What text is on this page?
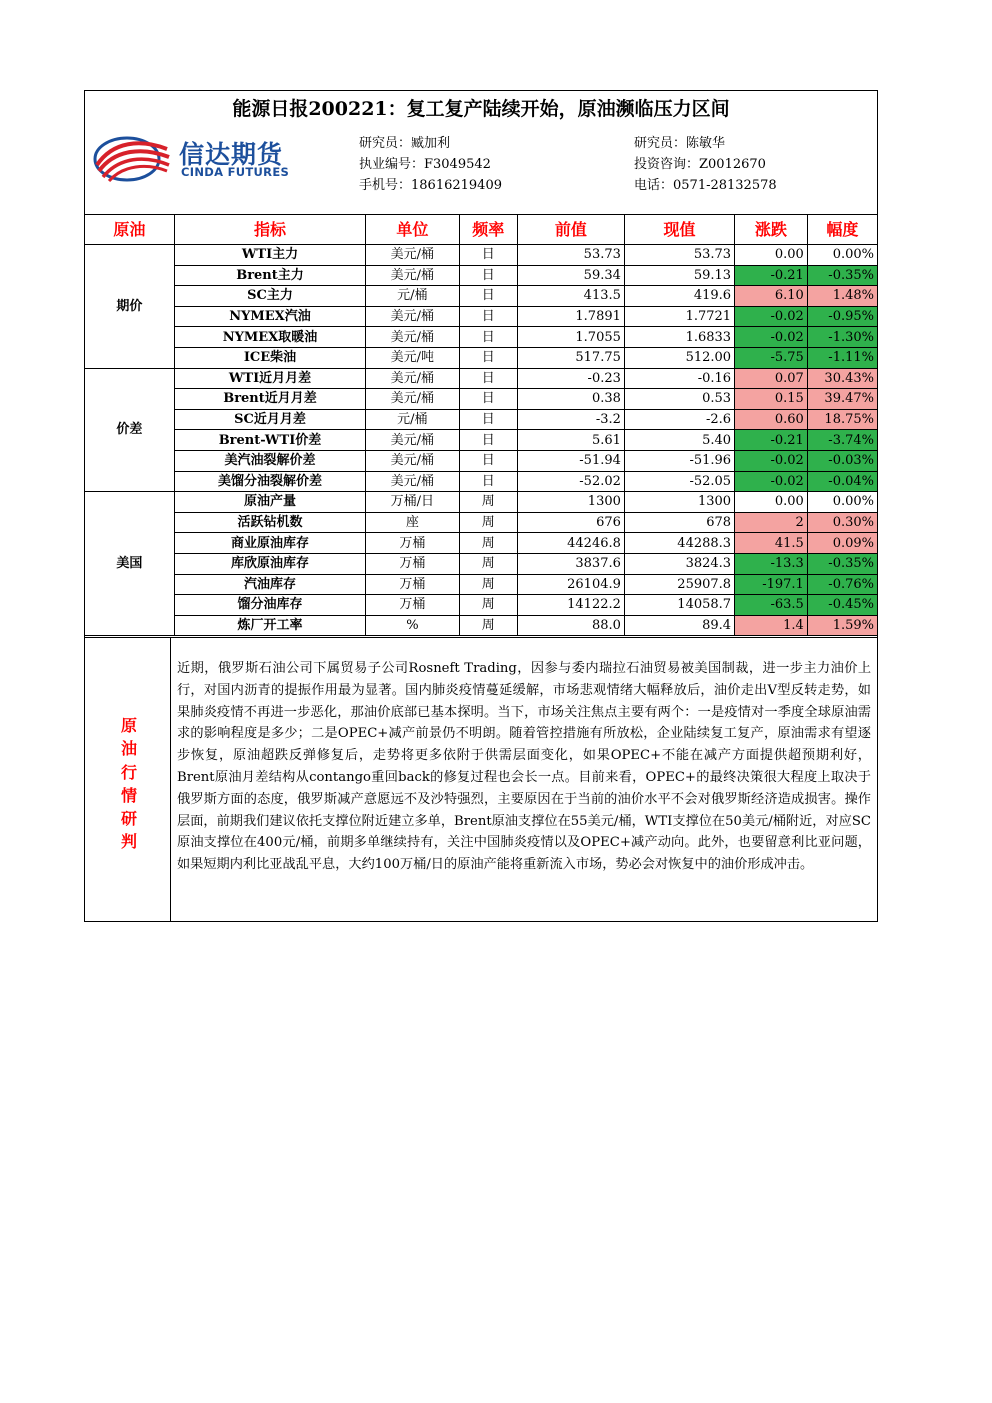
能源日报200221：复工复产陆续开始，原油濒临压力区间
信达期货
CINDA FUTURES
研究员：臧加利
执业编号：F3049542
手机号：18616219409
研究员：陈敏华
投资咨询：Z0012670
电话：0571-28132578
原油	指标	单位	频率	前值	现值	涨跌	幅度
期价	WTI主力	美元/桶	日	53.73	53.73	0.00	0.00%
	Brent主力	美元/桶	日	59.34	59.13	-0.21	-0.35%
	SC主力	元/桶	日	413.5	419.6	6.10	1.48%
	NYMEX汽油	美元/桶	日	1.7891	1.7721	-0.02	-0.95%
	NYMEX取暖油	美元/桶	日	1.7055	1.6833	-0.02	-1.30%
	ICE柴油	美元/吨	日	517.75	512.00	-5.75	-1.11%
价差	WTI近月月差	美元/桶	日	-0.23	-0.16	0.07	30.43%
	Brent近月月差	美元/桶	日	0.38	0.53	0.15	39.47%
	SC近月月差	元/桶	日	-3.2	-2.6	0.60	18.75%
	Brent-WTI价差	美元/桶	日	5.61	5.40	-0.21	-3.74%
	美汽油裂解价差	美元/桶	日	-51.94	-51.96	-0.02	-0.03%
	美馏分油裂解价差	美元/桶	日	-52.02	-52.05	-0.02	-0.04%
美国	原油产量	万桶/日	周	1300	1300	0.00	0.00%
	活跃钻机数	座	周	676	678	2	0.30%
	商业原油库存	万桶	周	44246.8	44288.3	41.5	0.09%
	库欣原油库存	万桶	周	3837.6	3824.3	-13.3	-0.35%
	汽油库存	万桶	周	26104.9	25907.8	-197.1	-0.76%
	馏分油库存	万桶	周	14122.2	14058.7	-63.5	-0.45%
	炼厂开工率	%	周	88.0	89.4	1.4	1.59%
原油行情研判
近期，俄罗斯石油公司下属贸易子公司Rosneft Trading，因参与委内瑞拉石油贸易被美国制裁，进一步主力油价上行，对国内沥青的提振作用最为显著。国内肺炎疫情蔓延缓解，市场悲观情绪大幅释放后，油价走出V型反转走势，如果肺炎疫情不再进一步恶化，那油价底部已基本探明。当下，市场关注焦点主要有两个：一是疫情对一季度全球原油需求的影响程度是多少；二是OPEC+减产前景仍不明朗。随着管控措施有所放松，企业陆续复工复产，原油需求有望逐步恢复，原油超跌反弹修复后，走势将更多依附于供需层面变化，如果OPEC+不能在减产方面提供超预期利好，Brent原油月差结构从contango重回back的修复过程也会长一点。目前来看，OPEC+的最终决策很大程度上取决于俄罗斯方面的态度，俄罗斯减产意愿远不及沙特强烈，主要原因在于当前的油价水平不会对俄罗斯经济造成损害。操作层面，前期我们建议依托支撑位附近建立多单，Brent原油支撑位在55美元/桶，WTI支撑位在50美元/桶附近，对应SC原油支撑位在400元/桶，前期多单继续持有，关注中国肺炎疫情以及OPEC+减产动向。此外，也要留意利比亚问题，如果短期内利比亚战乱平息，大约100万桶/日的原油产能将重新流入市场，势必会对恢复中的油价形成冲击。
